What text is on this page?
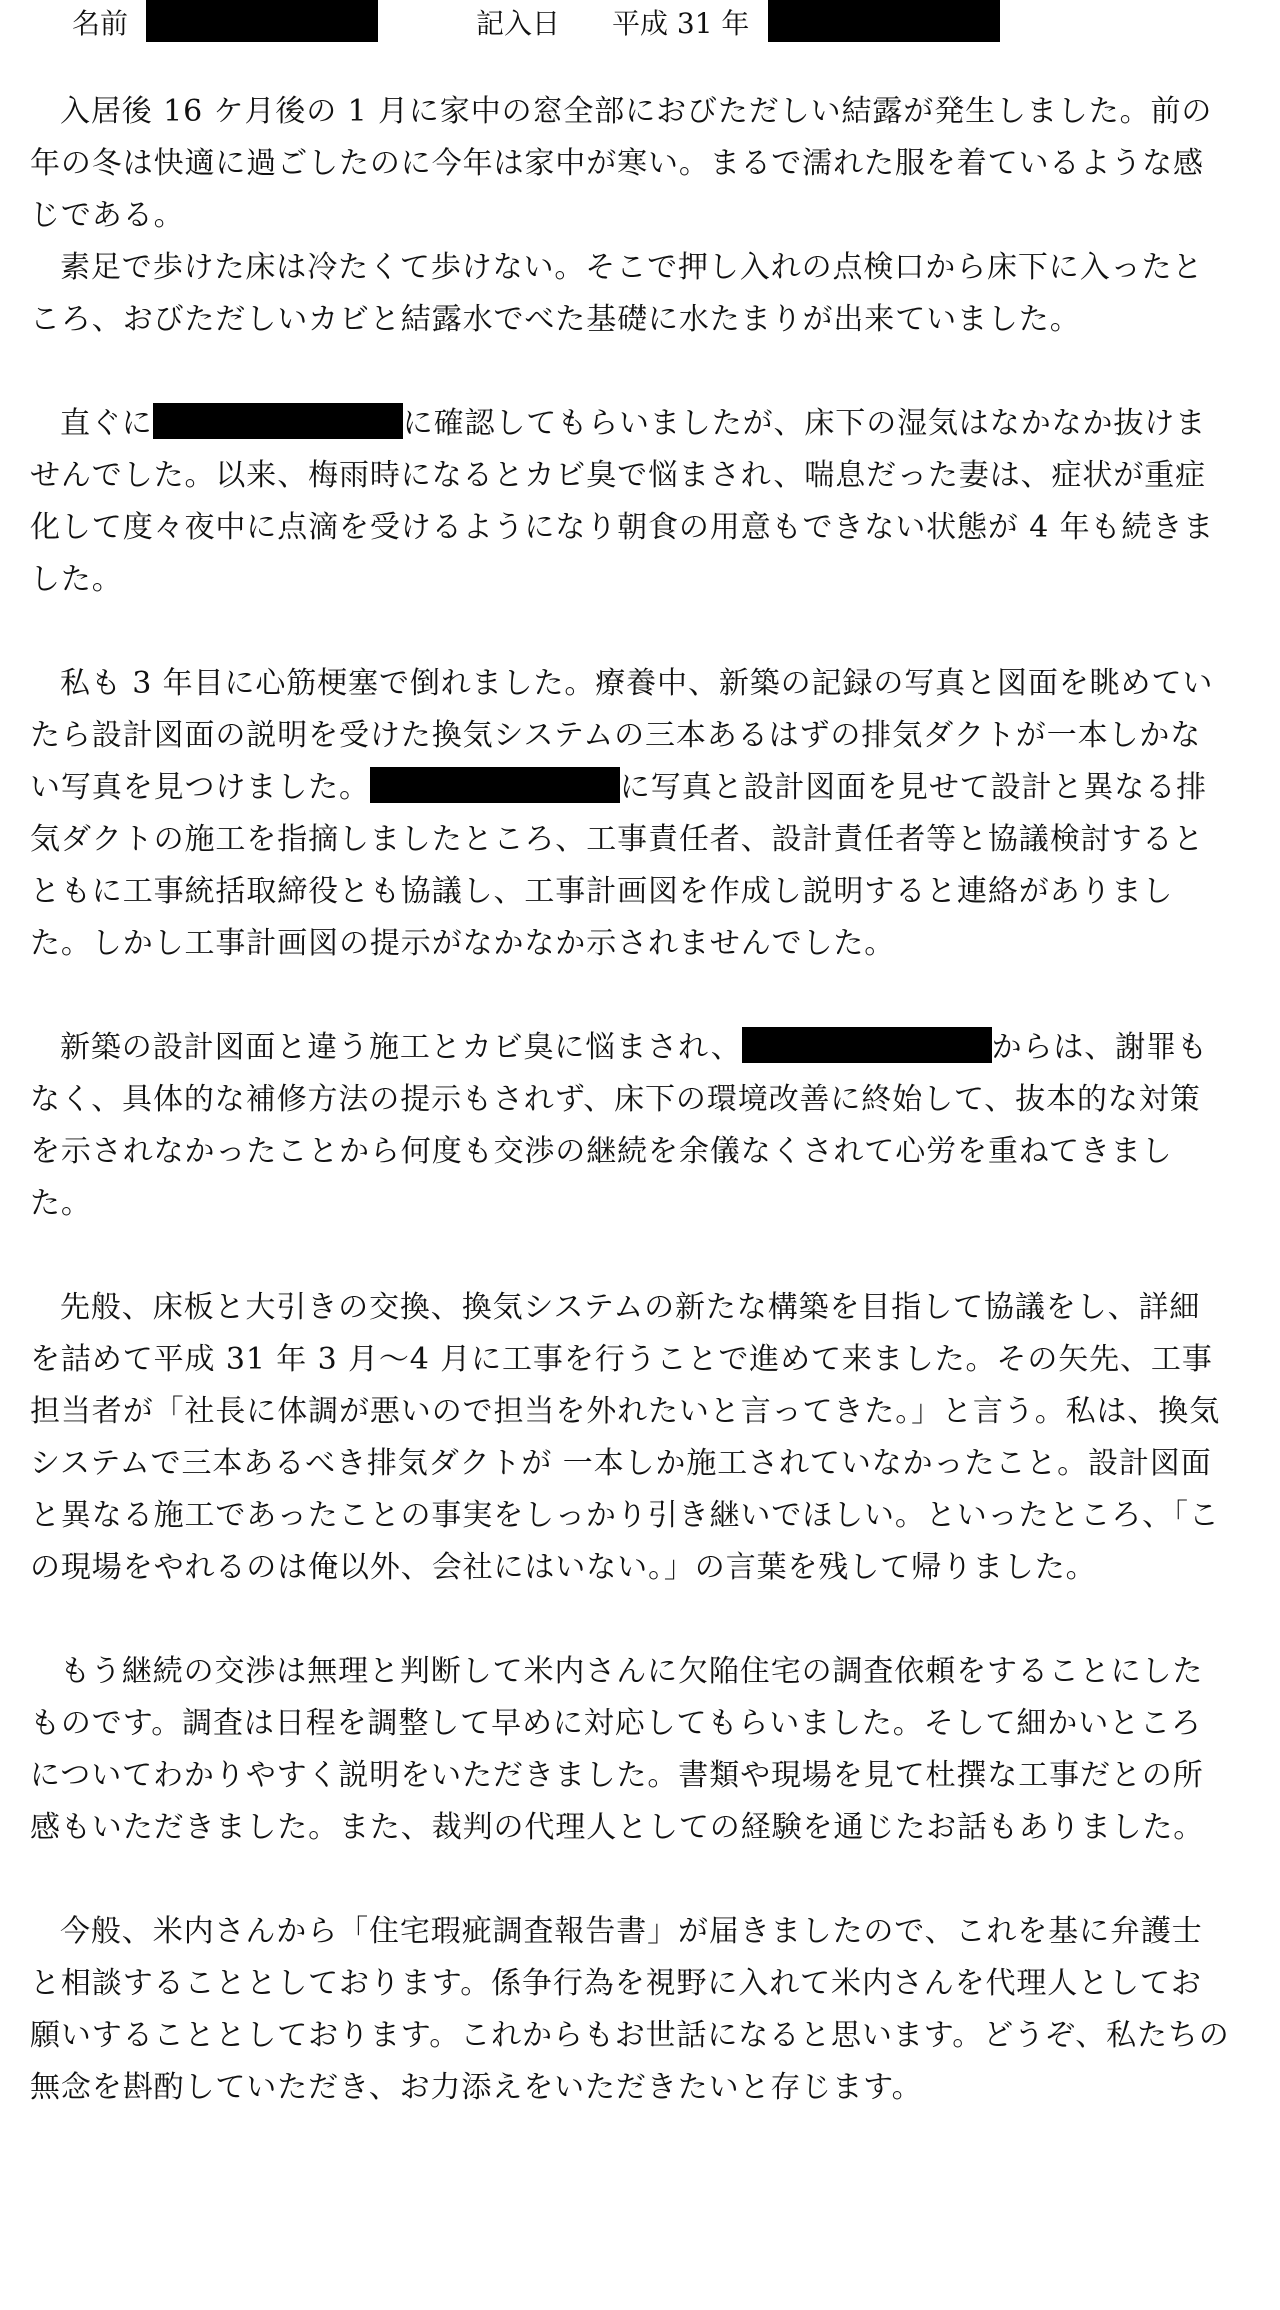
名前	記入日 平成 31 年

入居後 16 ケ月後の 1 月に家中の窓全部におびただしい結露が発生しました。前の年の冬は快適に過ごしたのに今年は家中が寒い。まるで濡れた服を着ているような感じである。

素足で歩けた床は冷たくて歩けない。そこで押し入れの点検口から床下に入ったところ、おびただしいカビと結露水でべた基礎に水たまりが出来ていました。

直ぐに	に確認してもらいましたが、床下の湿気はなかなか抜けませんでした。以来、梅雨時になるとカビ臭で悩まされ、喘息だった妻は、症状が重症化して度々夜中に点滴を受けるようになり朝食の用意もできない状態が 4 年も続きました。

私も 3 年目に心筋梗塞で倒れました。療養中、新築の記録の写真と図面を眺めていたら設計図面の説明を受けた換気システムの三本あるはずの排気ダクトが一本しかない写真を見つけました。	に写真と設計図面を見せて設計と異なる排気ダクトの施工を指摘しましたところ、工事責任者、設計責任者等と協議検討するとともに工事統括取締役とも協議し、工事計画図を作成し説明すると連絡がありました。しかし工事計画図の提示がなかなか示されませんでした。

新築の設計図面と違う施工とカビ臭に悩まされ、	からは、謝罪もなく、具体的な補修方法の提示もされず、床下の環境改善に終始して、抜本的な対策を示されなかったことから何度も交渉の継続を余儀なくされて心労を重ねてきました。

先般、床板と大引きの交換、換気システムの新たな構築を目指して協議をし、詳細を詰めて平成 31 年 3 月～4 月に工事を行うことで進めて来ました。その矢先、工事担当者が「社長に体調が悪いので担当を外れたいと言ってきた。」と言う。私は、換気システムで三本あるべき排気ダクトが 一本しか施工されていなかったこと。設計図面と異なる施工であったことの事実をしっかり引き継いでほしい。といったところ、「この現場をやれるのは俺以外、会社にはいない。」の言葉を残して帰りました。

もう継続の交渉は無理と判断して米内さんに欠陥住宅の調査依頼をすることにしたものです。調査は日程を調整して早めに対応してもらいました。そして細かいところについてわかりやすく説明をいただきました。書類や現場を見て杜撰な工事だとの所感もいただきました。また、裁判の代理人としての経験を通じたお話もありました。

今般、米内さんから「住宅瑕疵調査報告書」が届きましたので、これを基に弁護士と相談することとしております。係争行為を視野に入れて米内さんを代理人としてお願いすることとしております。これからもお世話になると思います。どうぞ、私たちの無念を斟酌していただき、お力添えをいただきたいと存じます。
